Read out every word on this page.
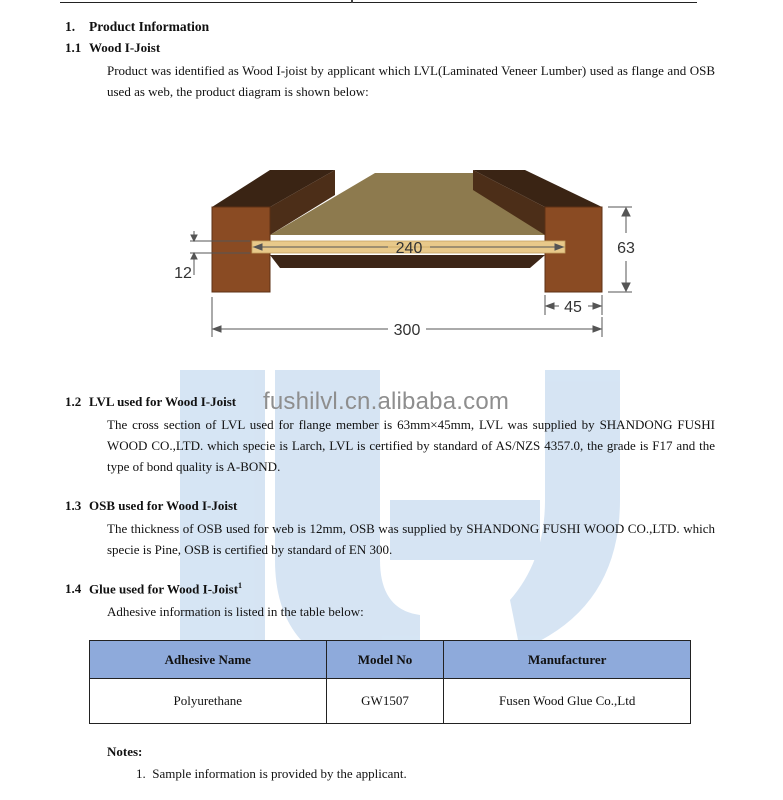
fushilvl.cn.alibaba.com
1. Product Information
1.1 Wood I-Joist
Product was identified as Wood I-joist by applicant which LVL(Laminated Veneer Lumber) used as flange and OSB used as web, the product diagram is shown below:
240	63
12
45
300
1.2 LVL used for Wood I-Joist
The cross section of LVL used for flange member is 63mm×45mm, LVL was supplied by SHANDONG FUSHI WOOD CO.,LTD. which specie is Larch, LVL is certified by standard of AS/NZS 4357.0, the grade is F17 and the type of bond quality is A-BOND.
1.3 OSB used for Wood I-Joist
The thickness of OSB used for web is 12mm, OSB was supplied by SHANDONG FUSHI WOOD CO.,LTD. which specie is Pine, OSB is certified by standard of EN 300.
1.4 Glue used for Wood I-Joist$^1$
Adhesive information is listed in the table below:
Adhesive Name	Model No	Manufacturer
Polyurethane	GW1507	Fusen Wood Glue Co.,Ltd
Notes:
1.  Sample information is provided by the applicant.
